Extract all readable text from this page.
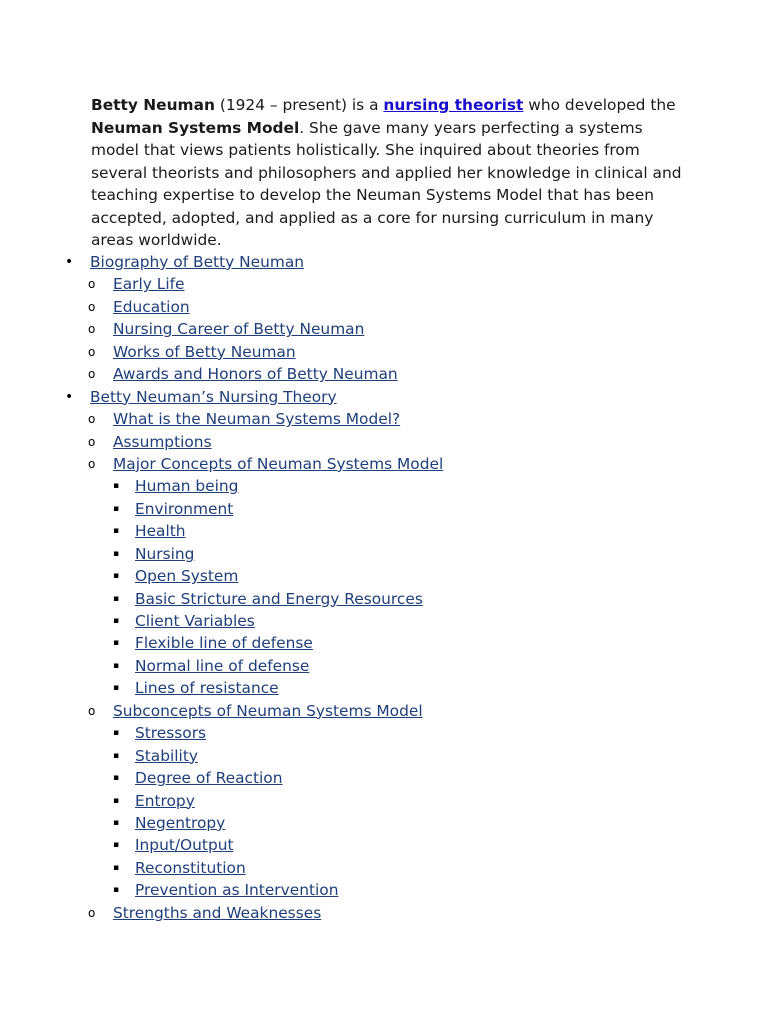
Betty Neuman (1924 – present) is a nursing theorist who developed the Neuman Systems Model. She gave many years perfecting a systems model that views patients holistically. She inquired about theories from several theorists and philosophers and applied her knowledge in clinical and teaching expertise to develop the Neuman Systems Model that has been accepted, adopted, and applied as a core for nursing curriculum in many areas worldwide.

• Biography of Betty Neuman
o Early Life
o Education
o Nursing Career of Betty Neuman
o Works of Betty Neuman
o Awards and Honors of Betty Neuman
• Betty Neuman’s Nursing Theory
o What is the Neuman Systems Model?
o Assumptions
o Major Concepts of Neuman Systems Model
▪ Human being
▪ Environment
▪ Health
▪ Nursing
▪ Open System
▪ Basic Stricture and Energy Resources
▪ Client Variables
▪ Flexible line of defense
▪ Normal line of defense
▪ Lines of resistance
o Subconcepts of Neuman Systems Model
▪ Stressors
▪ Stability
▪ Degree of Reaction
▪ Entropy
▪ Negentropy
▪ Input/Output
▪ Reconstitution
▪ Prevention as Intervention
o Strengths and Weaknesses
